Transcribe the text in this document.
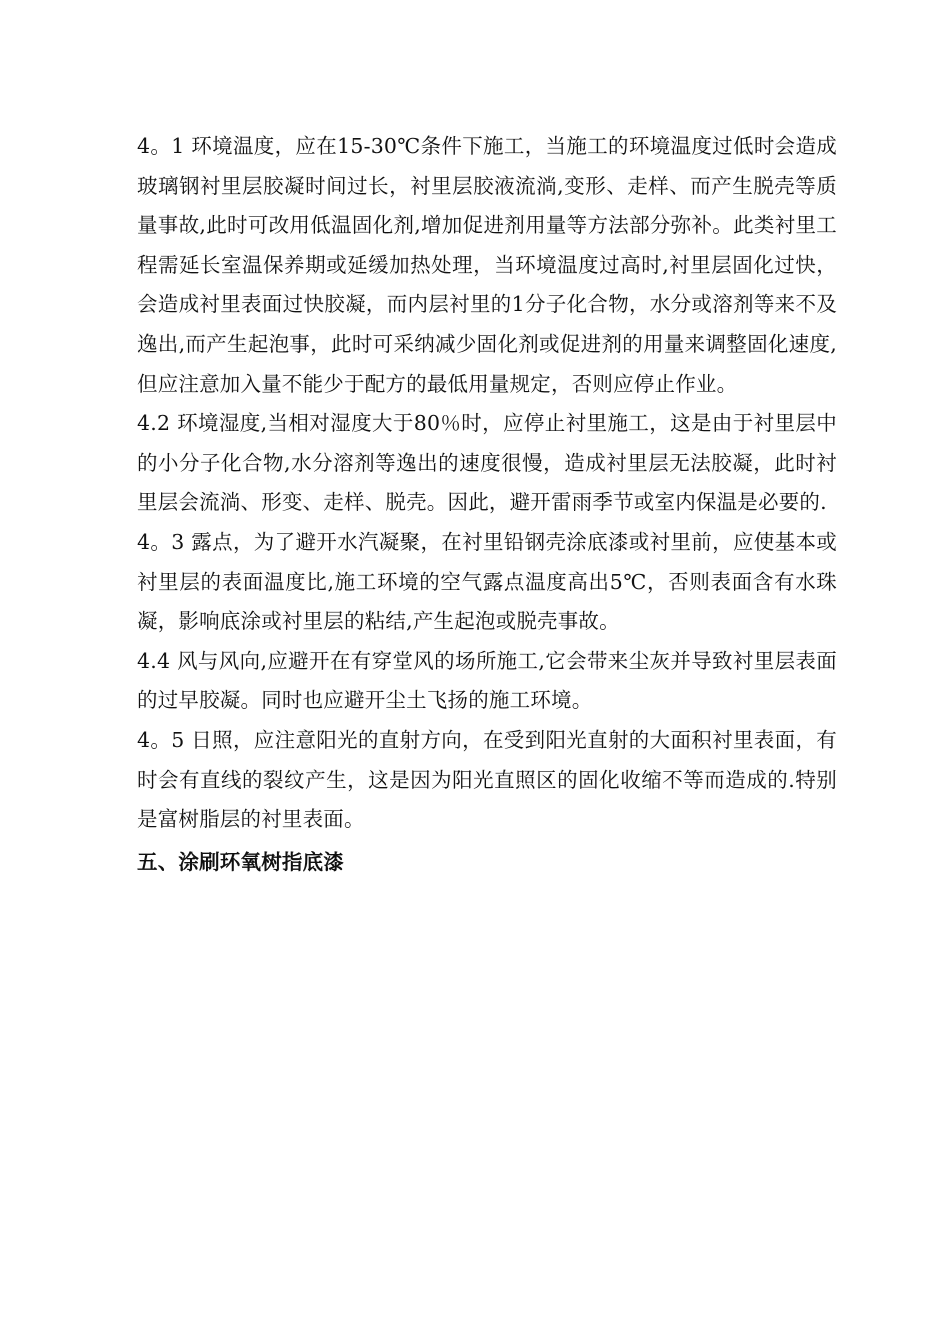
4。1 环境温度，应在15-30℃条件下施工，当施工的环境温度过低时会造成玻璃钢衬里层胶凝时间过长，衬里层胶液流淌,变形、走样、而产生脱壳等质量事故,此时可改用低温固化剂,增加促进剂用量等方法部分弥补。此类衬里工程需延长室温保养期或延缓加热处理，当环境温度过高时,衬里层固化过快，会造成衬里表面过快胶凝，而内层衬里的1分子化合物，水分或溶剂等来不及逸出,而产生起泡事，此时可采纳减少固化剂或促进剂的用量来调整固化速度,但应注意加入量不能少于配方的最低用量规定，否则应停止作业。

4.2 环境湿度,当相对湿度大于80％时，应停止衬里施工，这是由于衬里层中的小分子化合物,水分溶剂等逸出的速度很慢，造成衬里层无法胶凝，此时衬里层会流淌、形变、走样、脱壳。因此，避开雷雨季节或室内保温是必要的.

4。3 露点，为了避开水汽凝聚，在衬里铅钢壳涂底漆或衬里前，应使基本或衬里层的表面温度比,施工环境的空气露点温度高出5℃，否则表面含有水珠凝，影响底涂或衬里层的粘结,产生起泡或脱壳事故。

4.4 风与风向,应避开在有穿堂风的场所施工,它会带来尘灰并导致衬里层表面的过早胶凝。同时也应避开尘土飞扬的施工环境。

4。5 日照，应注意阳光的直射方向，在受到阳光直射的大面积衬里表面，有时会有直线的裂纹产生，这是因为阳光直照区的固化收缩不等而造成的.特别是富树脂层的衬里表面。

五、涂刷环氧树指底漆
